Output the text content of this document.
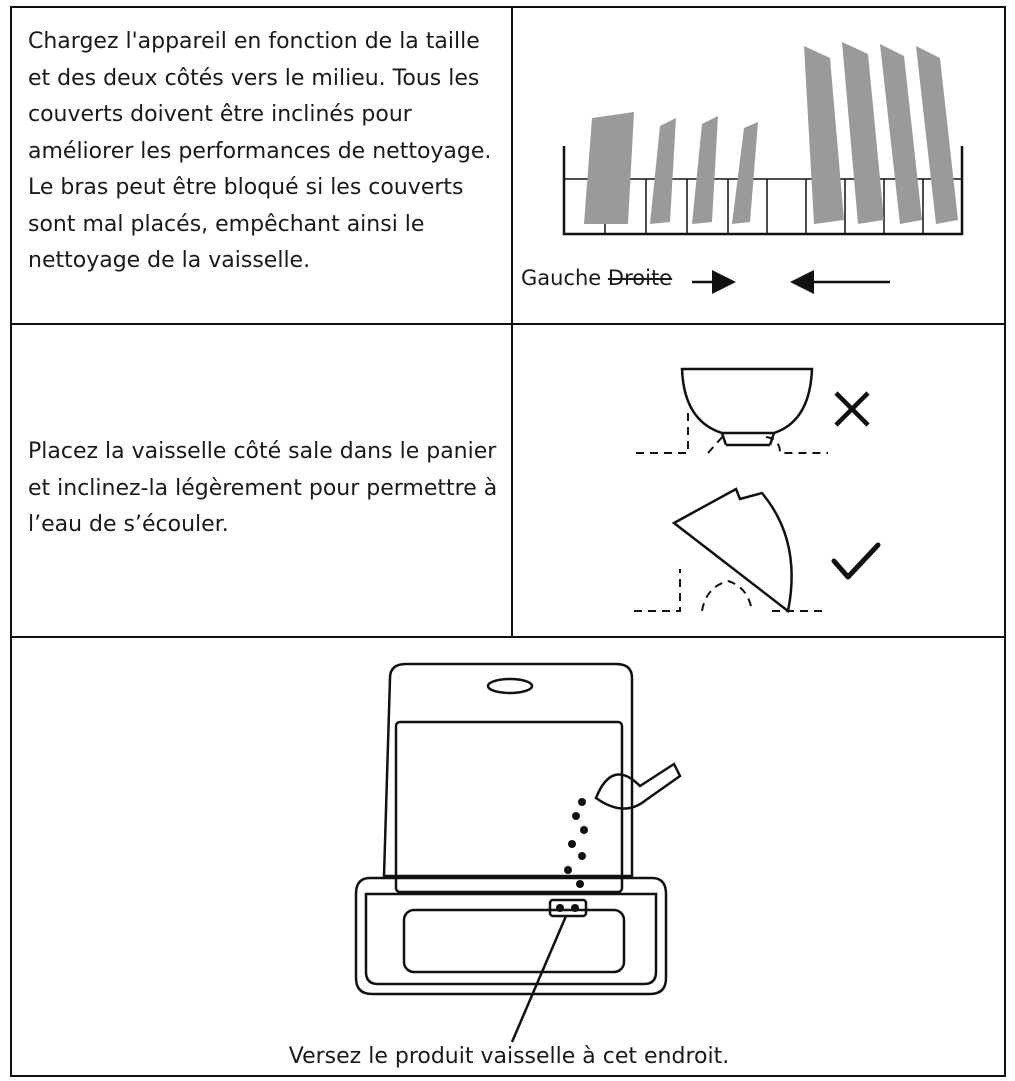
Chargez l'appareil en fonction de la taille et des deux côtés vers le milieu. Tous les couverts doivent être inclinés pour améliorer les performances de nettoyage. Le bras peut être bloqué si les couverts sont mal placés, empêchant ainsi le nettoyage de la vaisselle.

Gauche Droite

Placez la vaisselle côté sale dans le panier et inclinez-la légèrement pour permettre à l’eau de s’écouler.

Versez le produit vaisselle à cet endroit.
